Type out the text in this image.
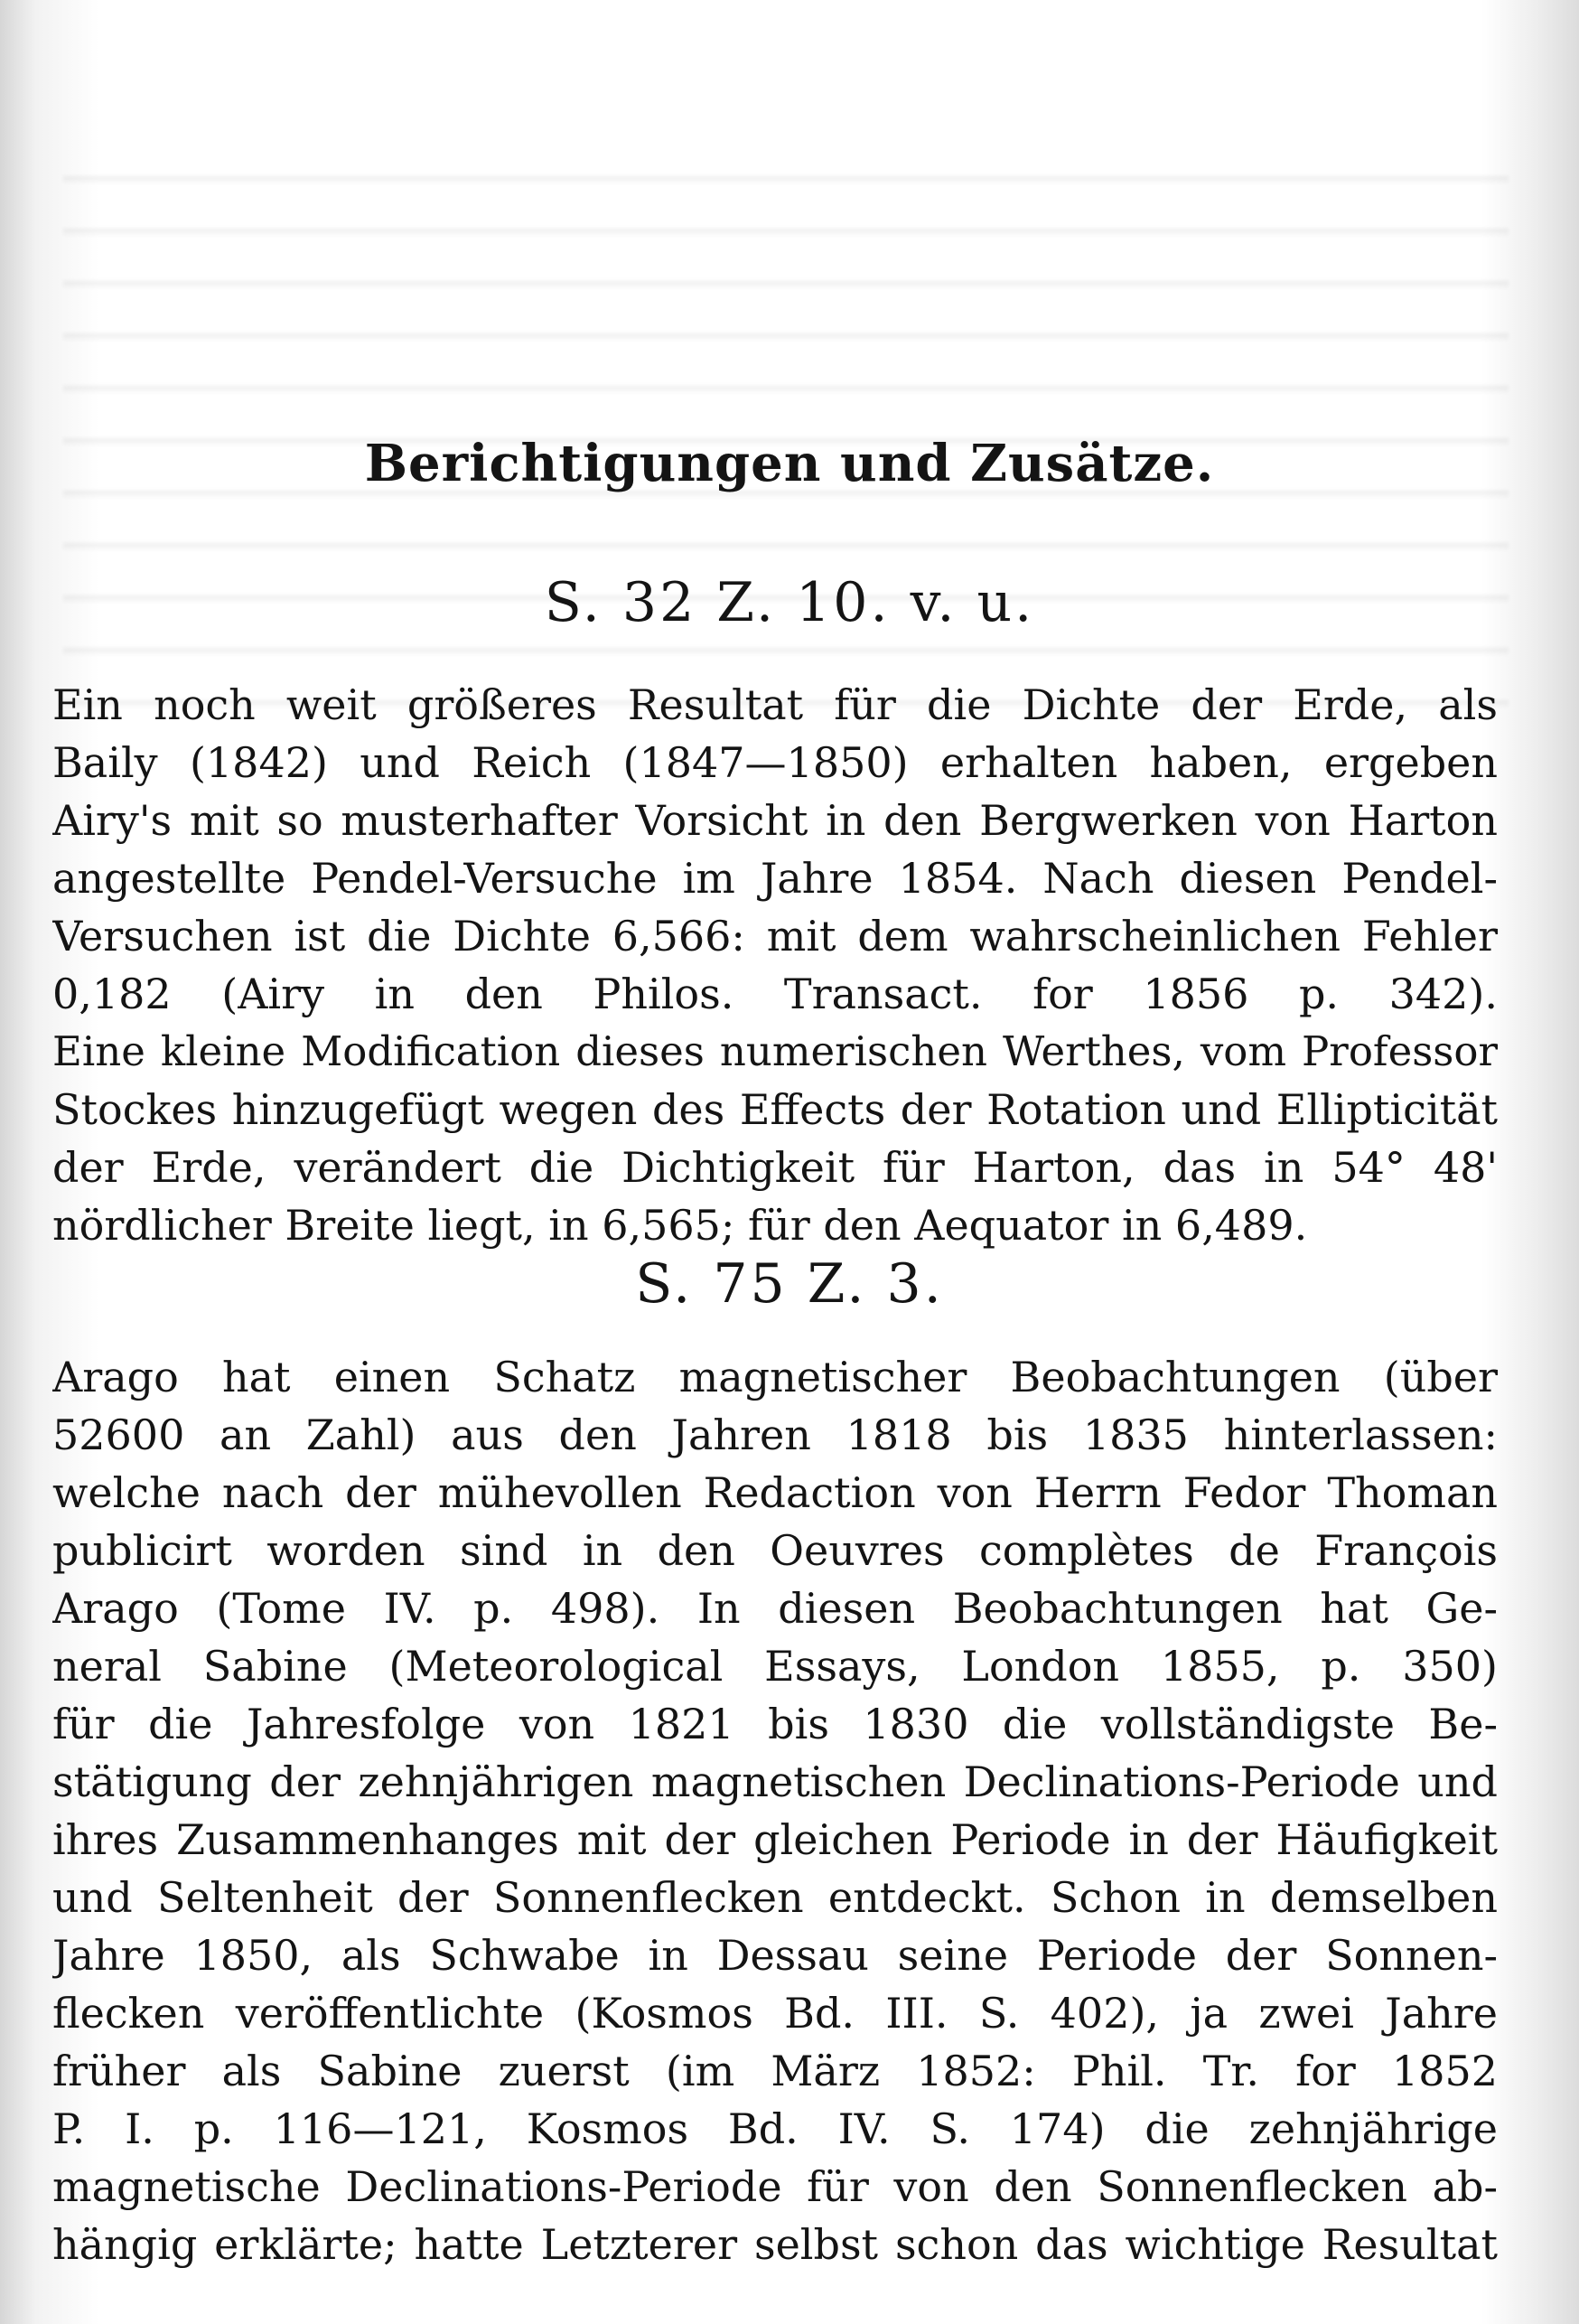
Berichtigungen und Zusätze.
S. 32 Z. 10. v. u.
Ein noch weit größeres Resultat für die Dichte der Erde, als
Baily (1842) und Reich (1847—1850) erhalten haben, ergeben
Airy's mit so musterhafter Vorsicht in den Bergwerken von Harton
angestellte Pendel-Versuche im Jahre 1854. Nach diesen Pendel-
Versuchen ist die Dichte 6,566: mit dem wahrscheinlichen Fehler
0,182 (Airy in den Philos. Transact. for 1856 p. 342).
Eine kleine Modification dieses numerischen Werthes, vom Professor
Stockes hinzugefügt wegen des Effects der Rotation und Ellipticität
der Erde, verändert die Dichtigkeit für Harton, das in 54° 48'
nördlicher Breite liegt, in 6,565; für den Aequator in 6,489.
S. 75 Z. 3.
Arago hat einen Schatz magnetischer Beobachtungen (über
52600 an Zahl) aus den Jahren 1818 bis 1835 hinterlassen:
welche nach der mühevollen Redaction von Herrn Fedor Thoman
publicirt worden sind in den Oeuvres complètes de François
Arago (Tome IV. p. 498). In diesen Beobachtungen hat Ge-
neral Sabine (Meteorological Essays, London 1855, p. 350)
für die Jahresfolge von 1821 bis 1830 die vollständigste Be-
stätigung der zehnjährigen magnetischen Declinations-Periode und
ihres Zusammenhanges mit der gleichen Periode in der Häufigkeit
und Seltenheit der Sonnenflecken entdeckt. Schon in demselben
Jahre 1850, als Schwabe in Dessau seine Periode der Sonnen-
flecken veröffentlichte (Kosmos Bd. III. S. 402), ja zwei Jahre
früher als Sabine zuerst (im März 1852: Phil. Tr. for 1852
P. I. p. 116—121, Kosmos Bd. IV. S. 174) die zehnjährige
magnetische Declinations-Periode für von den Sonnenflecken ab-
hängig erklärte; hatte Letzterer selbst schon das wichtige Resultat
